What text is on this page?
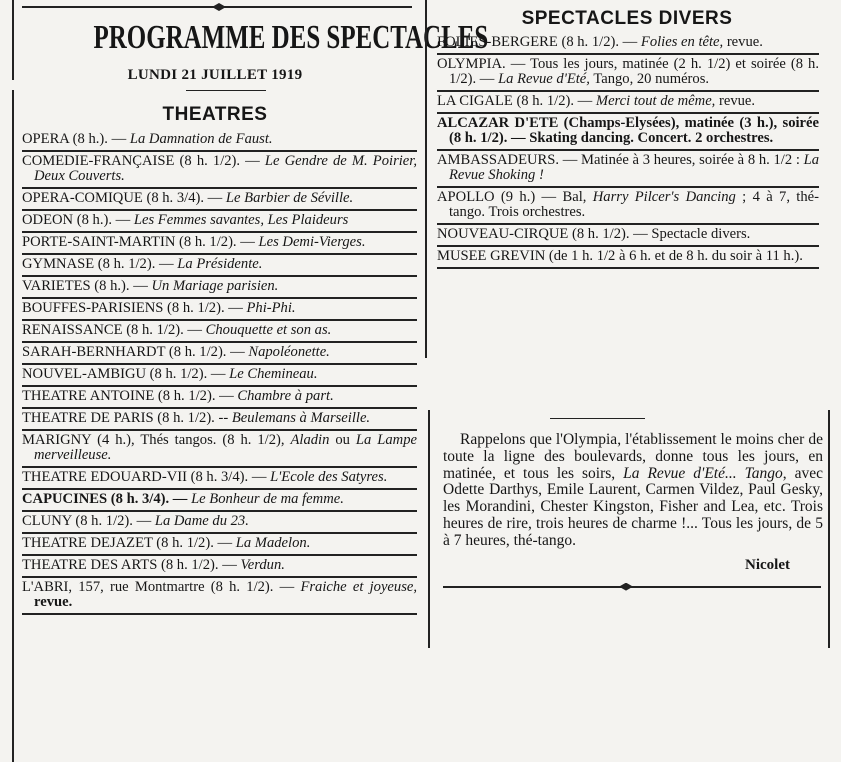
PROGRAMME DES SPECTACLES
LUNDI 21 JUILLET 1919
THEATRES
OPERA (8 h.). — La Damnation de Faust.
COMEDIE-FRANÇAISE (8 h. 1/2). — Le Gendre de M. Poirier, Deux Couverts.
OPERA-COMIQUE (8 h. 3/4). — Le Barbier de Séville.
ODEON (8 h.). — Les Femmes savantes, Les Plaideurs
PORTE-SAINT-MARTIN (8 h. 1/2). — Les Demi-Vierges.
GYMNASE (8 h. 1/2). — La Présidente.
VARIETES (8 h.). — Un Mariage parisien.
BOUFFES-PARISIENS (8 h. 1/2). — Phi-Phi.
RENAISSANCE (8 h. 1/2). — Chouquette et son as.
SARAH-BERNHARDT (8 h. 1/2). — Napoléonette.
NOUVEL-AMBIGU (8 h. 1/2). — Le Chemineau.
THEATRE ANTOINE (8 h. 1/2). — Chambre à part.
THEATRE DE PARIS (8 h. 1/2). -- Beulemans à Marseille.
MARIGNY (4 h.), Thés tangos. (8 h. 1/2), Aladin ou La Lampe merveilleuse.
THEATRE EDOUARD-VII (8 h. 3/4). — L'Ecole des Satyres.
CAPUCINES (8 h. 3/4). — Le Bonheur de ma femme.
CLUNY (8 h. 1/2). — La Dame du 23.
THEATRE DEJAZET (8 h. 1/2). — La Madelon.
THEATRE DES ARTS (8 h. 1/2). — Verdun.
L'ABRI, 157, rue Montmartre (8 h. 1/2). — Fraiche et joyeuse, revue.
SPECTACLES DIVERS
FOLIES-BERGERE (8 h. 1/2). — Folies en tête, revue.
OLYMPIA. — Tous les jours, matinée (2 h. 1/2) et soirée (8 h. 1/2). — La Revue d'Eté, Tango, 20 numéros.
LA CIGALE (8 h. 1/2). — Merci tout de même, revue.
ALCAZAR D'ETE (Champs-Elysées), matinée (3 h.), soirée (8 h. 1/2). — Skating dancing. Concert. 2 orchestres.
AMBASSADEURS. — Matinée à 3 heures, soirée à 8 h. 1/2 : La Revue Shoking !
APOLLO (9 h.) — Bal, Harry Pilcer's Dancing ; 4 à 7, thé-tango. Trois orchestres.
NOUVEAU-CIRQUE (8 h. 1/2). — Spectacle divers.
MUSEE GREVIN (de 1 h. 1/2 à 6 h. et de 8 h. du soir à 11 h.).
Rappelons que l'Olympia, l'établissement le moins cher de toute la ligne des boulevards, donne tous les jours, en matinée, et tous les soirs, La Revue d'Eté... Tango, avec Odette Darthys, Emile Laurent, Carmen Vildez, Paul Gesky, les Morandini, Chester Kingston, Fisher and Lea, etc. Trois heures de rire, trois heures de charme !... Tous les jours, de 5 à 7 heures, thé-tango.
Nicolet
